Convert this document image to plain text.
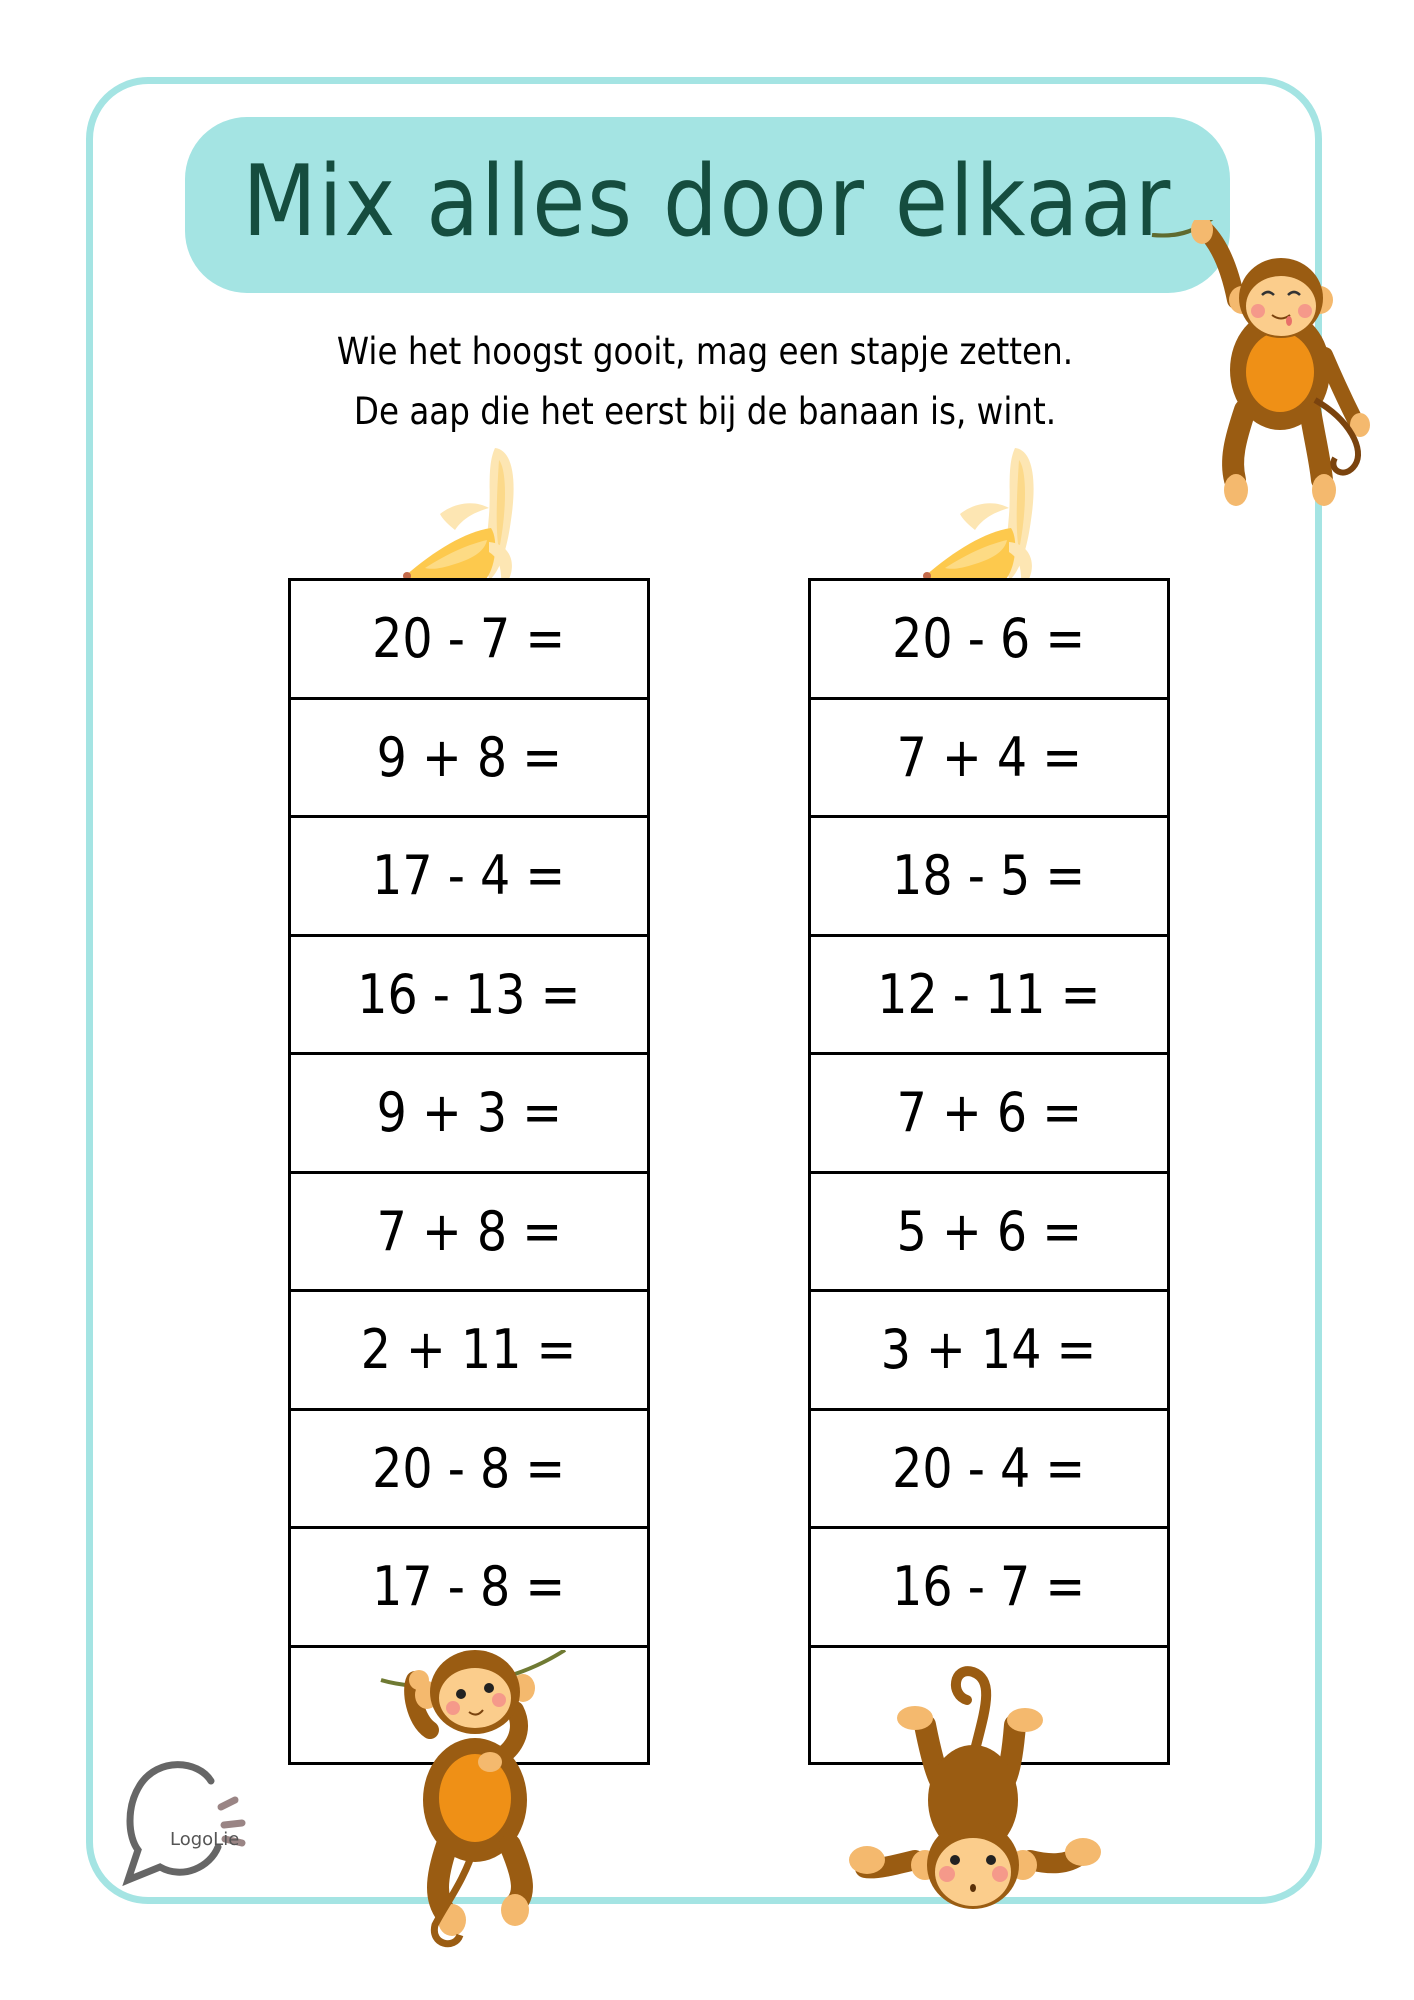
Mix alles door elkaar
Wie het hoogst gooit, mag een stapje zetten.
De aap die het eerst bij de banaan is, wint.
20 - 7 =
9 + 8 =
17 - 4 =
16 - 13 =
9 + 3 =
7 + 8 =
2 + 11 =
20 - 8 =
17 - 8 =
20 - 6 =
7 + 4 =
18 - 5 =
12 - 11 =
7 + 6 =
5 + 6 =
3 + 14 =
20 - 4 =
16 - 7 =
LogoLie
